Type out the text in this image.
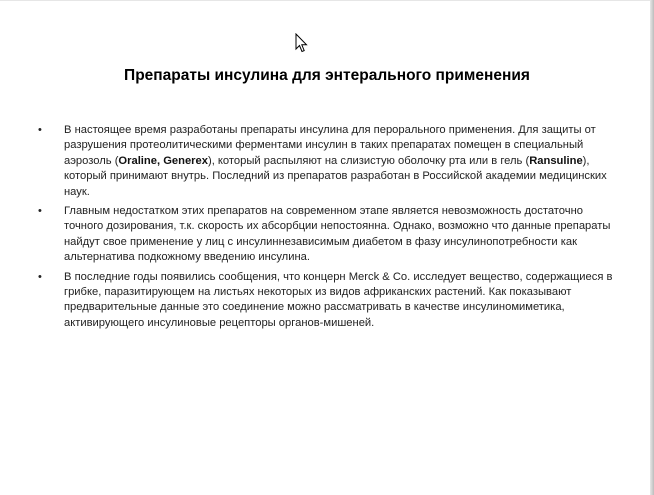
Препараты инсулина для энтерального применения
• В настоящее время разработаны препараты инсулина для перорального применения. Для защиты от разрушения протеолитическими ферментами инсулин в таких препаратах помещен в специальный аэрозоль (Oraline, Generex), который распыляют на слизистую оболочку рта или в гель (Ransuline), который принимают внутрь. Последний из препаратов разработан в Российской академии медицинских наук.
• Главным недостатком этих препаратов на современном этапе является невозможность достаточно точного дозирования, т.к. скорость их абсорбции непостоянна. Однако, возможно что данные препараты найдут свое применение у лиц с инсулиннезависимым диабетом в фазу инсулинопотребности как альтернатива подкожному введению инсулина.
• В последние годы появились сообщения, что концерн Merck & Co. исследует вещество, содержащиеся в грибке, паразитирующем на листьях некоторых из видов африканских растений. Как показывают предварительные данные это соединение можно рассматривать в качестве инсулиномиметика, активирующего инсулиновые рецепторы органов-мишеней.
